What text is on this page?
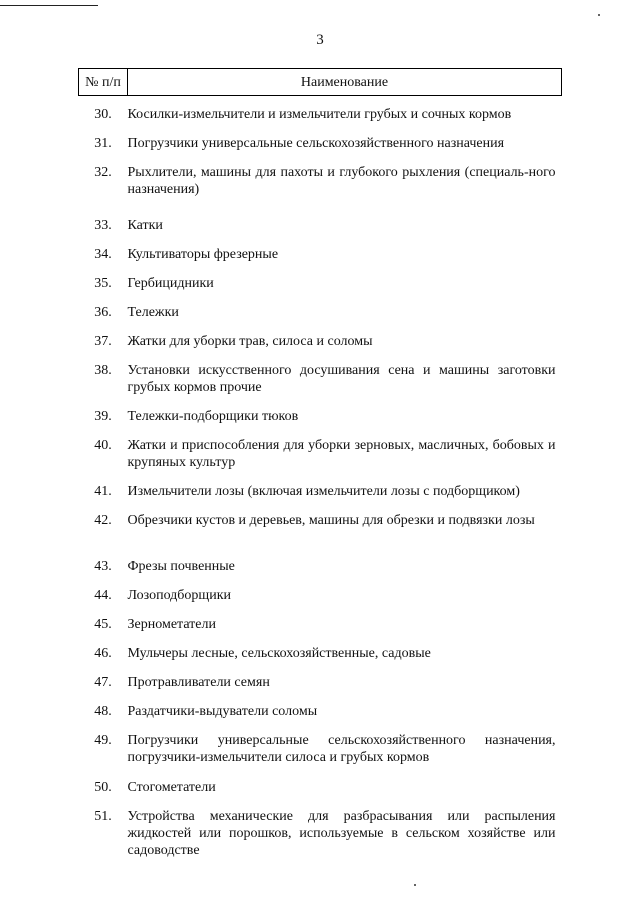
3
№ п/п	Наименование
30.	Косилки-измельчители и измельчители грубых и сочных кормов
31.	Погрузчики универсальные сельскохозяйственного назначения
32.	Рыхлители, машины для пахоты и глубокого рыхления (специаль-ного назначения)
33.	Катки
34.	Культиваторы фрезерные
35.	Гербицидники
36.	Тележки
37.	Жатки для уборки трав, силоса и соломы
38.	Установки искусственного досушивания сена и машины заготовки грубых кормов прочие
39.	Тележки-подборщики тюков
40.	Жатки и приспособления для уборки зерновых, масличных, бобовых и крупяных культур
41.	Измельчители лозы (включая измельчители лозы с подборщиком)
42.	Обрезчики кустов и деревьев, машины для обрезки и подвязки лозы
43.	Фрезы почвенные
44.	Лозоподборщики
45.	Зернометатели
46.	Мульчеры лесные, сельскохозяйственные, садовые
47.	Протравливатели семян
48.	Раздатчики-выдуватели соломы
49.	Погрузчики универсальные сельскохозяйственного назначения, погрузчики-измельчители силоса и грубых кормов
50.	Стогометатели
51.	Устройства механические для разбрасывания или распыления жидкостей или порошков, используемые в сельском хозяйстве или садоводстве
